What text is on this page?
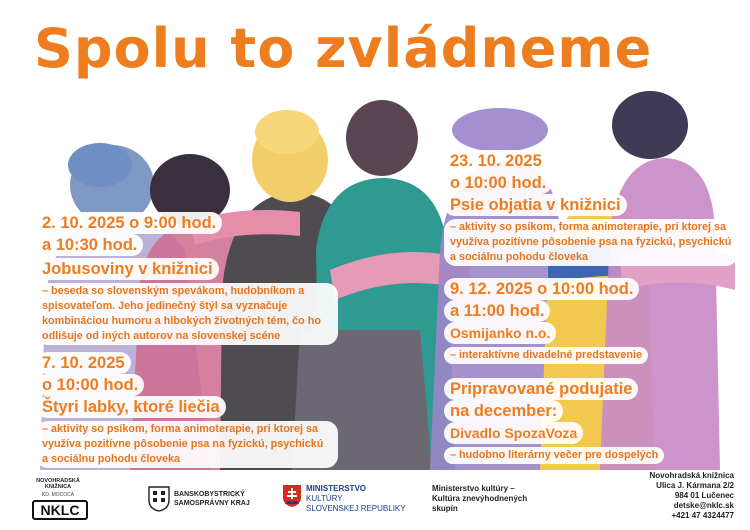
Spolu to zvládneme
2. 10. 2025 o 9:00 hod.
a 10:30 hod.
Jobusoviny v knižnici
– beseda so slovenským spevákom, hudobníkom a spisovateľom. Jeho jedinečný štýl sa vyznačuje kombináciou humoru a hlbokých životných tém, čo ho odlišuje od iných autorov na slovenskej scéne
7. 10. 2025
o 10:00 hod.
Štyri labky, ktoré liečia
– aktivity so psíkom, forma animoterapie, pri ktorej sa využíva pozitívne pôsobenie psa na fyzickú, psychickú a sociálnu pohodu človeka
23. 10. 2025
o 10:00 hod.
Psie objatia v knižnici
– aktivity so psíkom, forma animoterapie, pri ktorej sa využíva pozitívne pôsobenie psa na fyzickú, psychickú a sociálnu pohodu človeka
9. 12. 2025 o 10:00 hod.
a 11:00 hod.
Osmijanko n.o.
– interaktívne divadelné predstavenie
Pripravované podujatie
na december:
Divadlo SpozaVoza
– hudobno literárny večer pre dospelých
NOVOHRADSKÁ KNIŽNICA
KD. MOCOCA
NKLC
BANSKOBYSTRICKÝ
SAMOSPRÁVNY KRAJ
MINISTERSTVO
KULTÚRY
SLOVENSKEJ REPUBLIKY
Ministerstvo kultúry –
Kultúra znevýhodnených
skupín
Novohradská knižnica
Ulica J. Kármana 2/2
984 01 Lučenec
detske@nklc.sk
+421 47 4324477
